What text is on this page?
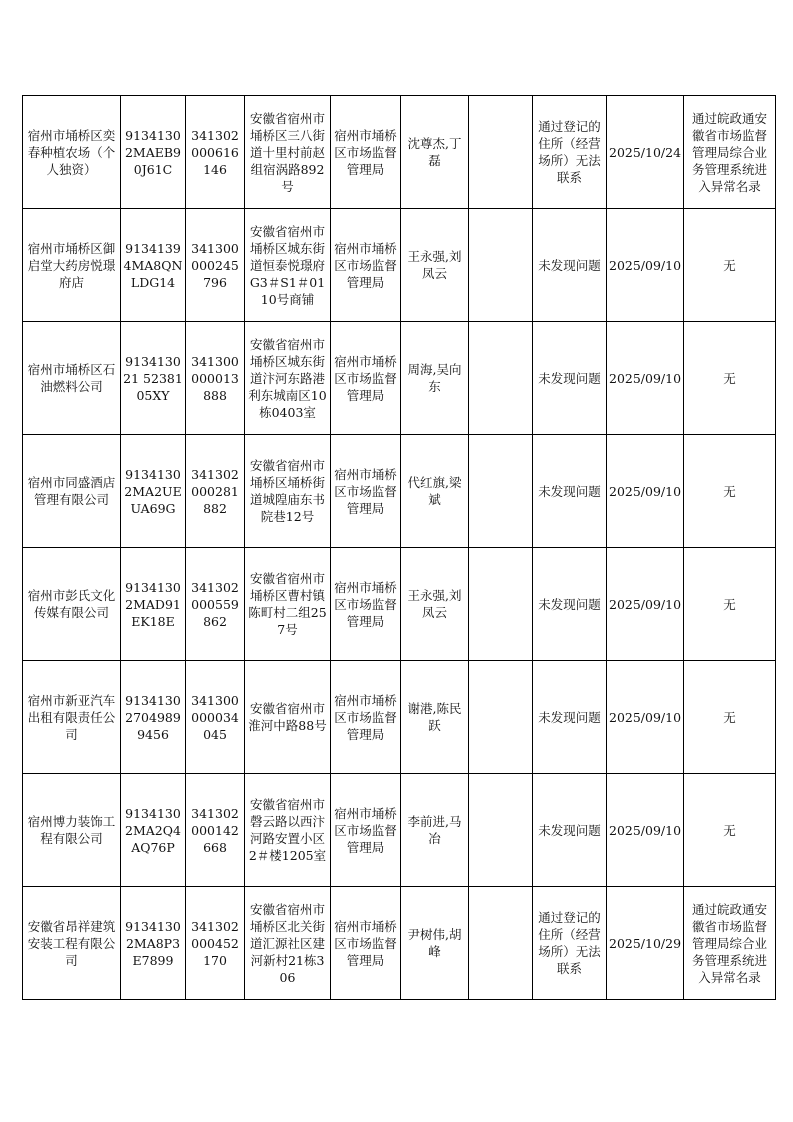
宿州市埇桥区奕春种植农场（个人独资）	91341302MAEB90J61C	341302000616146	安徽省宿州市埇桥区三八街道十里村前赵组宿涡路892号	宿州市埇桥区市场监督管理局	沈尊杰,丁磊		通过登记的住所（经营场所）无法联系	2025/10/24	通过皖政通安徽省市场监督管理局综合业务管理系统进入异常名录
宿州市埇桥区御启堂大药房悦璟府店	91341394MA8QNLDG14	341300000245796	安徽省宿州市埇桥区城东街道恒泰悦璟府G3＃S1＃0110号商铺	宿州市埇桥区市场监督管理局	王永强,刘凤云		未发现问题	2025/09/10	无
宿州市埇桥区石油燃料公司	913413021 5238105XY	341300000013888	安徽省宿州市埇桥区城东街道汴河东路港利东城南区10栋0403室	宿州市埇桥区市场监督管理局	周海,吴向东		未发现问题	2025/09/10	无
宿州市同盛酒店管理有限公司	91341302MA2UEUA69G	341302000281882	安徽省宿州市埇桥区埇桥街道城隍庙东书院巷12号	宿州市埇桥区市场监督管理局	代红旗,梁斌		未发现问题	2025/09/10	无
宿州市彭氏文化传媒有限公司	91341302MAD91EK18E	341302000559862	安徽省宿州市埇桥区曹村镇陈町村二组257号	宿州市埇桥区市场监督管理局	王永强,刘凤云		未发现问题	2025/09/10	无
宿州市新亚汽车出租有限责任公司	913413027049899456	341300000034045	安徽省宿州市淮河中路88号	宿州市埇桥区市场监督管理局	谢港,陈民跃		未发现问题	2025/09/10	无
宿州博力装饰工程有限公司	91341302MA2Q4AQ76P	341302000142668	安徽省宿州市磬云路以西汴河路安置小区2＃楼1205室	宿州市埇桥区市场监督管理局	李前进,马冶		未发现问题	2025/09/10	无
安徽省昂祥建筑安装工程有限公司	91341302MA8P3E7899	341302000452170	安徽省宿州市埇桥区北关街道汇源社区建河新村21栋306	宿州市埇桥区市场监督管理局	尹树伟,胡峰		通过登记的住所（经营场所）无法联系	2025/10/29	通过皖政通安徽省市场监督管理局综合业务管理系统进入异常名录
